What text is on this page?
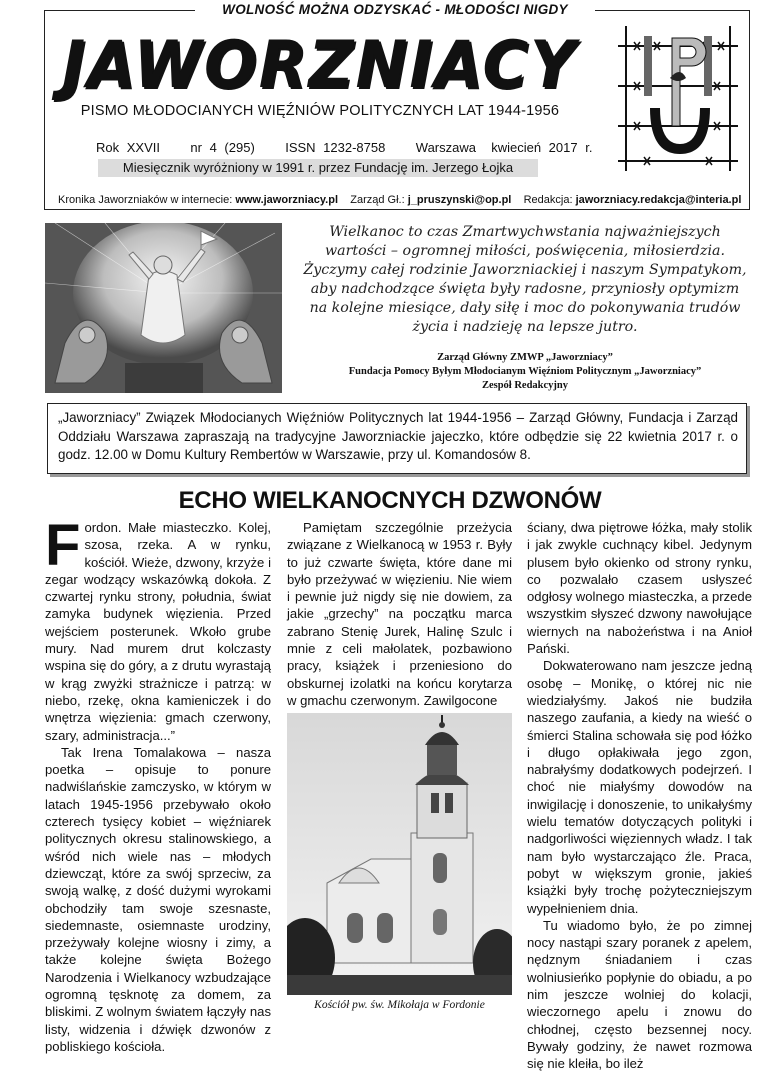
WOLNOŚĆ MOŻNA ODZYSKAĆ - MŁODOŚCI NIGDY
JAWORZNIACY
PISMO MŁODOCIANYCH WIĘŹNIÓW POLITYCZNYCH LAT 1944-1956
Rok XXVII    nr 4 (295)    ISSN 1232-8758    Warszawa  kwiecień 2017 r.
Miesięcznik wyróżniony w 1991 r. przez Fundację im. Jerzego Łojka
Kronika Jaworzniaków w internecie: www.jaworzniacy.pl Zarząd Gł.: j_pruszynski@op.pl Redakcja: jaworzniacy.redakcja@interia.pl
Wielkanoc to czas Zmartwychwstania najważniejszych
wartości – ogromnej miłości, poświęcenia, miłosierdzia.
Życzymy całej rodzinie Jaworzniackiej i naszym Sympatykom,
aby nadchodzące święta były radosne, przyniosły optymizm
na kolejne miesiące, dały siłę i moc do pokonywania trudów
życia i nadzieję na lepsze jutro.
Zarząd Główny ZMWP „Jaworzniacy”
Fundacja Pomocy Byłym Młodocianym Więźniom Politycznym „Jaworzniacy”
Zespół Redakcyjny
„Jaworzniacy” Związek Młodocianych Więźniów Politycznych lat 1944-1956 – Zarząd Główny, Fundacja i Zarząd Oddziału Warszawa zapraszają na tradycyjne Jaworzniackie jajeczko, które odbędzie się 22 kwietnia 2017 r. o godz. 12.00 w Domu Kultury Rembertów w Warszawie, przy ul. Komandosów 8.
ECHO WIELKANOCNYCH DZWONÓW

Fordon. Małe miasteczko. Kolej, szosa, rzeka. A w rynku, kościół. Wieże, dzwony, krzyże i zegar wodzący wskazówką dokoła. Z czwartej rynku strony, południa, świat zamyka budynek więzienia. Przed wejściem posterunek. Wkoło grube mury. Nad murem drut kolczasty wspina się do góry, a z drutu wyrastają w krąg zwyżki strażnicze i patrzą: w niebo, rzekę, okna kamieniczek i do wnętrza więzienia: gmach czerwony, szary, administracja...”

Tak Irena Tomalakowa – nasza poetka – opisuje to ponure nadwiślańskie zamczysko, w którym w latach 1945-1956 przebywało około czterech tysięcy kobiet – więźniarek politycznych okresu stalinowskiego, a wśród nich wiele nas – młodych dziewcząt, które za swój sprzeciw, za swoją walkę, z dość dużymi wyrokami obchodziły tam swoje szesnaste, siedemnaste, osiemnaste urodziny, przeżywały kolejne wiosny i zimy, a także kolejne święta Bożego Narodzenia i Wielkanocy wzbudzające ogromną tęsknotę za domem, za bliskimi. Z wolnym światem łączyły nas listy, widzenia i dźwięk dzwonów z pobliskiego kościoła.

Pamiętam szczególnie przeżycia związane z Wielkanocą w 1953 r. Były to już czwarte święta, które dane mi było przeżywać w więzieniu. Nie wiem i pewnie już nigdy się nie dowiem, za jakie „grzechy” na początku marca zabrano Stenię Jurek, Halinę Szulc i mnie z celi małolatek, pozbawiono pracy, książek i przeniesiono do obskurnej izolatki na końcu korytarza w gmachu czerwonym. Zawilgocone

Kościół pw. św. Mikołaja w Fordonie

ściany, dwa piętrowe łóżka, mały stolik i jak zwykle cuchnący kibel. Jedynym plusem było okienko od strony rynku, co pozwalało czasem usłyszeć odgłosy wolnego miasteczka, a przede wszystkim słyszeć dzwony nawołujące wiernych na nabożeństwa i na Anioł Pański.

Dokwaterowano nam jeszcze jedną osobę – Monikę, o której nic nie wiedziałyśmy. Jakoś nie budziła naszego zaufania, a kiedy na wieść o śmierci Stalina schowała się pod łóżko i długo opłakiwała jego zgon, nabrałyśmy dodatkowych podejrzeń. I choć nie miałyśmy dowodów na inwigilację i donoszenie, to unikałyśmy wielu tematów dotyczących polityki i nadgorliwości więziennych władz. I tak nam było wystarczająco źle. Praca, pobyt w większym gronie, jakieś książki były trochę pożyteczniejszym wypełnieniem dnia.

Tu wiadomo było, że po zimnej nocy nastąpi szary poranek z apelem, nędznym śniadaniem i czas wolniusieńko popłynie do obiadu, a po nim jeszcze wolniej do kolacji, wieczornego apelu i znowu do chłodnej, często bezsennej nocy. Bywały godziny, że nawet rozmowa się nie kleiła, bo ileż
